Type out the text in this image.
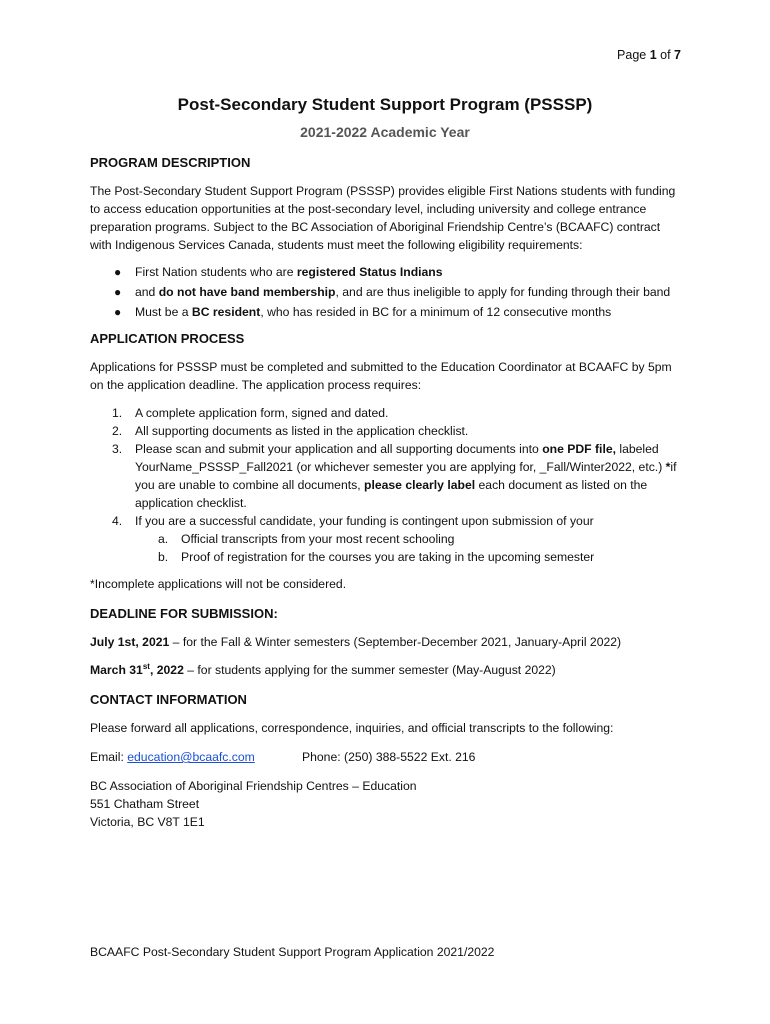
Page 1 of 7
Post-Secondary Student Support Program (PSSSP)
2021-2022 Academic Year
PROGRAM DESCRIPTION

The Post-Secondary Student Support Program (PSSSP) provides eligible First Nations students with funding to access education opportunities at the post-secondary level, including university and college entrance preparation programs. Subject to the BC Association of Aboriginal Friendship Centre’s (BCAAFC) contract with Indigenous Services Canada, students must meet the following eligibility requirements:

● First Nation students who are registered Status Indians
● and do not have band membership, and are thus ineligible to apply for funding through their band
● Must be a BC resident, who has resided in BC for a minimum of 12 consecutive months
APPLICATION PROCESS

Applications for PSSSP must be completed and submitted to the Education Coordinator at BCAAFC by 5pm on the application deadline. The application process requires:

1. A complete application form, signed and dated.
2. All supporting documents as listed in the application checklist.
3. Please scan and submit your application and all supporting documents into one PDF file, labeled YourName_PSSSP_Fall2021 (or whichever semester you are applying for, _Fall/Winter2022, etc.) *if you are unable to combine all documents, please clearly label each document as listed on the application checklist.
4. If you are a successful candidate, your funding is contingent upon submission of your
a. Official transcripts from your most recent schooling
b. Proof of registration for the courses you are taking in the upcoming semester

*Incomplete applications will not be considered.

DEADLINE FOR SUBMISSION:

July 1st, 2021 – for the Fall & Winter semesters (September-December 2021, January-April 2022)

March 31st, 2022 – for students applying for the summer semester (May-August 2022)

CONTACT INFORMATION

Please forward all applications, correspondence, inquiries, and official transcripts to the following:

Email: education@bcaafc.com	Phone: (250) 388-5522 Ext. 216

BC Association of Aboriginal Friendship Centres – Education

551 Chatham Street

Victoria, BC V8T 1E1

BCAAFC Post-Secondary Student Support Program Application 2021/2022
